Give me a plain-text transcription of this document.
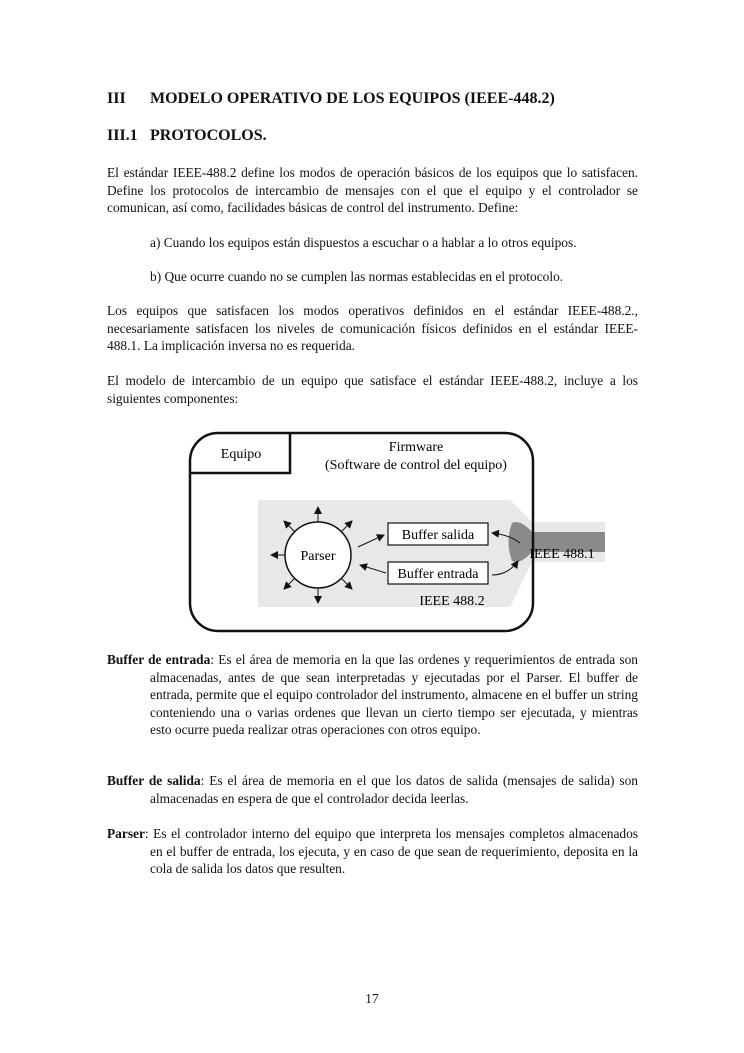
III MODELO OPERATIVO DE LOS EQUIPOS (IEEE-448.2)
III.1 PROTOCOLOS.
El estándar IEEE-488.2 define los modos de operación básicos de los equipos que lo satisfacen. Define los protocolos de intercambio de mensajes con el que el equipo y el controlador se comunican, así como, facilidades básicas de control del instrumento. Define:
a) Cuando los equipos están dispuestos a escuchar o a hablar a lo otros equipos.
b) Que ocurre cuando no se cumplen las normas establecidas en el protocolo.
Los equipos que satisfacen los modos operativos definidos en el estándar IEEE-488.2., necesariamente satisfacen los niveles de comunicación físicos definidos en el estándar IEEE-488.1. La implicación inversa no es requerida.
El modelo de intercambio de un equipo que satisface el estándar IEEE-488.2, incluye a los siguientes componentes:
Equipo	Firmware
(Software de control del equipo)
Parser
Buffer salida
Buffer entrada
IEEE 488.1
IEEE 488.2
Buffer de entrada: Es el área de memoria en la que las ordenes y requerimientos de entrada son almacenadas, antes de que sean interpretadas y ejecutadas por el Parser. El buffer de entrada, permite que el equipo controlador del instrumento, almacene en el buffer un string conteniendo una o varias ordenes que llevan un cierto tiempo ser ejecutada, y mientras esto ocurre pueda realizar otras operaciones con otros equipo.
Buffer de salida: Es el área de memoria en el que los datos de salida (mensajes de salida) son almacenadas en espera de que el controlador decida leerlas.
Parser: Es el controlador interno del equipo que interpreta los mensajes completos almacenados en el buffer de entrada, los ejecuta, y en caso de que sean de requerimiento, deposita en la cola de salida los datos que resulten.
17
